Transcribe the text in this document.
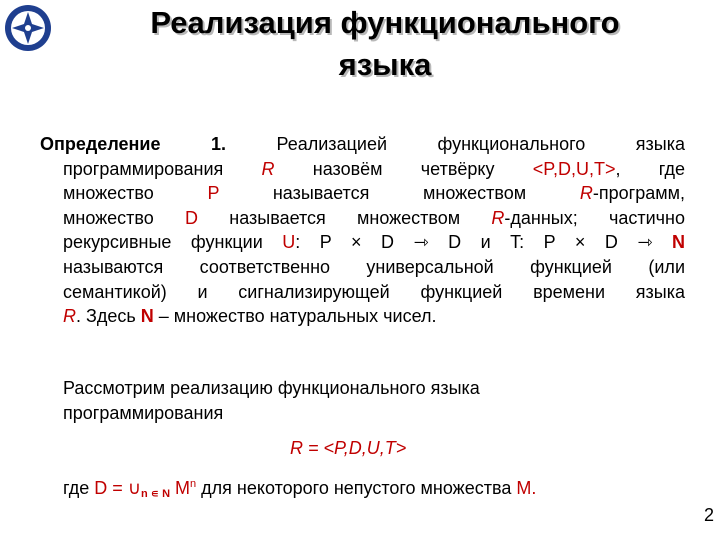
Реализация функционального
языка
Определение 1.	Реализацией функционального языка
программирования R назовём четвёрку <P,D,U,T>, где
множество	P	называется множеством	R-программ,
множество D называется множеством R-данных; частично
рекурсивные функции U: P × D ⇾ D и T: P × D ⇾ N
называются соответственно универсальной функцией (или
семантикой) и сигнализирующей функцией времени языка
R. Здесь N – множество натуральных чисел.
Рассмотрим реализацию функционального языка
программирования
R = <P,D,U,T>
где $D = \cup_{n ∊ N}$ $M^n$ для некоторого непустого множества M.
2
